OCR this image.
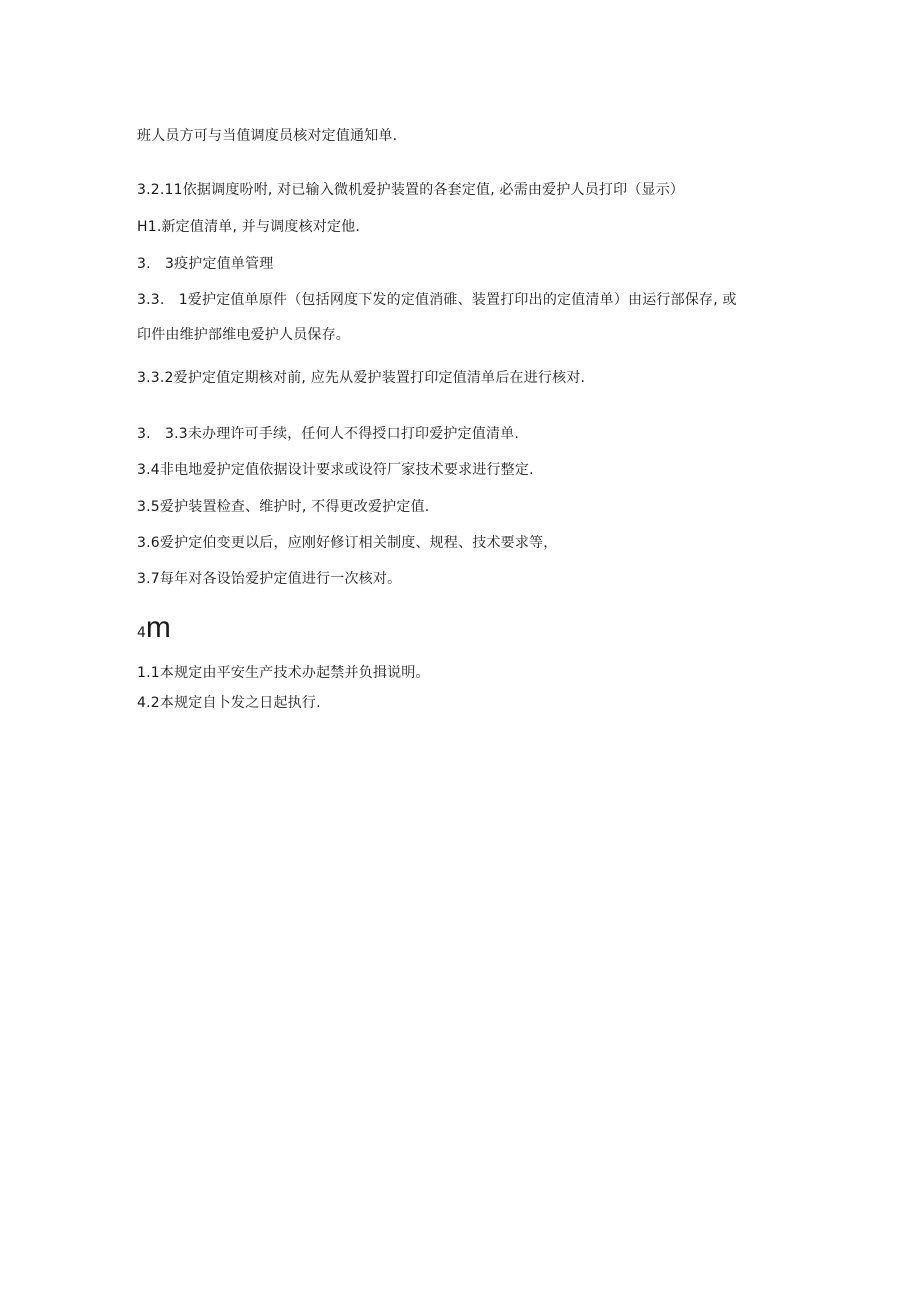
班人员方可与当值调度员核对定值通知单.
3.2.11依据调度吩咐, 对已输入微机爱护装置的各套定值, 必需由爱护人员打印（显示）
H1.新定值清单, 并与调度核对定他.
3.　3疫护定值单管理
3.3.　1爱护定值单原件（包括网度下发的定值消碓、装置打印出的定值清单）由运行部保存, 或
印件由维护部维电爱护人员保存。
3.3.2爱护定值定期核对前, 应先从爱护装置打印定值清单后在进行核对.
3.　3.3未办理许可手续，任何人不得授口打印爱护定值清单.
3.4非电地爱护定值依据设计要求或设符厂家技术要求进行整定.
3.5爱护装置检查、维护时, 不得更改爱护定值.
3.6爱护定伯变更以后，应刚好修订相关制度、规程、技术要求等，
3.7每年对各设饴爱护定值进行一次核对。
4m
1.1本规定由平安生产技术办起禁并负揖说明。
4.2本规定自卜发之日起执行.
